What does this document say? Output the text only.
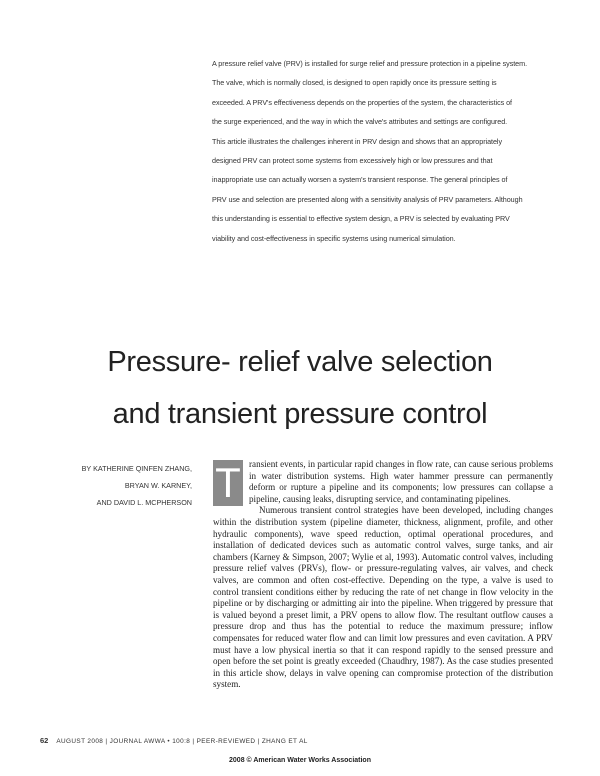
A pressure relief valve (PRV) is installed for surge relief and pressure protection in a pipeline system.

The valve, which is normally closed, is designed to open rapidly once its pressure setting is

exceeded. A PRV's effectiveness depends on the properties of the system, the characteristics of

the surge experienced, and the way in which the valve's attributes and settings are configured.

This article illustrates the challenges inherent in PRV design and shows that an appropriately

designed PRV can protect some systems from excessively high or low pressures and that

inappropriate use can actually worsen a system's transient response. The general principles of

PRV use and selection are presented along with a sensitivity analysis of PRV parameters. Although

this understanding is essential to effective system design, a PRV is selected by evaluating PRV

viability and cost-effectiveness in specific systems using numerical simulation.

Pressure- relief valve selection
and transient pressure control
BY KATHERINE QINFEN ZHANG,
BRYAN W. KARNEY,
AND DAVID L. MCPHERSON T ransient events, in particular rapid changes in flow rate, can cause serious problems in water distribution systems. High water hammer pressure can permanently deform or rupture a pipeline and its components; low pressures can collapse a pipeline, causing leaks, disrupting service, and contaminating pipelines.

Numerous transient control strategies have been developed, including changes within the distribution system (pipeline diameter, thickness, alignment, profile, and other hydraulic components), wave speed reduction, optimal operational procedures, and installation of dedicated devices such as automatic control valves, surge tanks, and air chambers (Karney & Simpson, 2007; Wylie et al, 1993). Automatic control valves, including pressure relief valves (PRVs), flow- or pressure-regulating valves, air valves, and check valves, are common and often cost-effective. Depending on the type, a valve is used to control transient conditions either by reducing the rate of net change in flow velocity in the pipeline or by discharging or admitting air into the pipeline. When triggered by pressure that is valued beyond a preset limit, a PRV opens to allow flow. The resultant outflow causes a pressure drop and thus has the potential to reduce the maximum pressure; inflow compensates for reduced water flow and can limit low pressures and even cavitation. A PRV must have a low physical inertia so that it can respond rapidly to the sensed pressure and open before the set point is greatly exceeded (Chaudhry, 1987). As the case studies presented in this article show, delays in valve opening can compromise protection of the distribution system.

62 AUGUST 2008 | JOURNAL AWWA • 100:8 | PEER-REVIEWED | ZHANG ET AL
2008 © American Water Works Association
